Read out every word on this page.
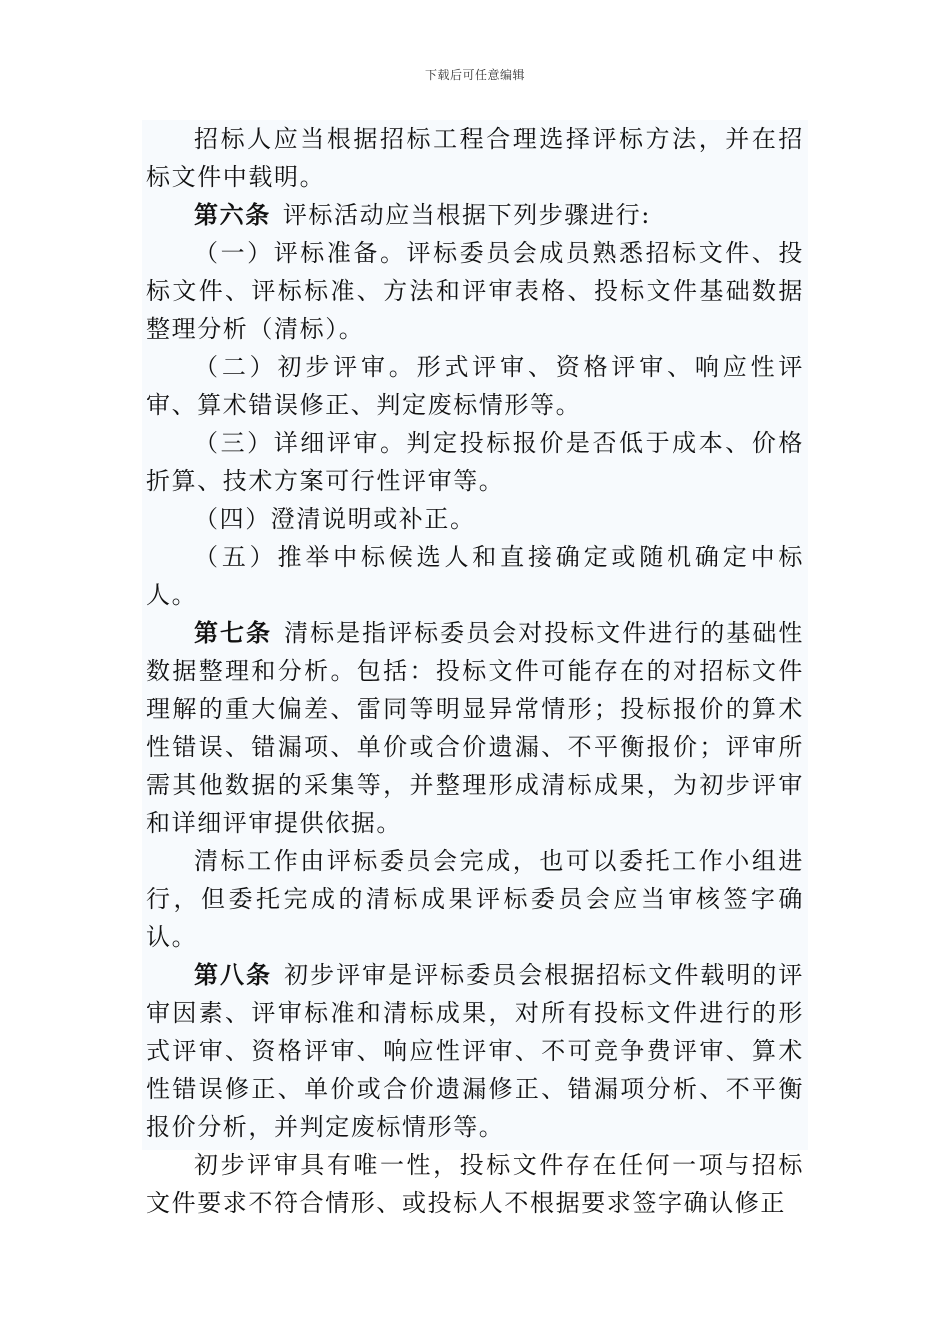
下载后可任意编辑

招标人应当根据招标工程合理选择评标方法，并在招标文件中载明。

第六条 评标活动应当根据下列步骤进行:

（一）评标准备。评标委员会成员熟悉招标文件、投标文件、评标标准、方法和评审表格、投标文件基础数据整理分析（清标）。

（二）初步评审。形式评审、资格评审、响应性评审、算术错误修正、判定废标情形等。

（三）详细评审。判定投标报价是否低于成本、价格折算、技术方案可行性评审等。

（四）澄清说明或补正。

（五）推举中标候选人和直接确定或随机确定中标人。

第七条 清标是指评标委员会对投标文件进行的基础性数据整理和分析。包括：投标文件可能存在的对招标文件理解的重大偏差、雷同等明显异常情形；投标报价的算术性错误、错漏项、单价或合价遗漏、不平衡报价；评审所需其他数据的采集等，并整理形成清标成果，为初步评审和详细评审提供依据。

清标工作由评标委员会完成，也可以委托工作小组进行，但委托完成的清标成果评标委员会应当审核签字确认。

第八条 初步评审是评标委员会根据招标文件载明的评审因素、评审标准和清标成果，对所有投标文件进行的形式评审、资格评审、响应性评审、不可竞争费评审、算术性错误修正、单价或合价遗漏修正、错漏项分析、不平衡报价分析，并判定废标情形等。

初步评审具有唯一性，投标文件存在任何一项与招标文件要求不符合情形、或投标人不根据要求签字确认修正
